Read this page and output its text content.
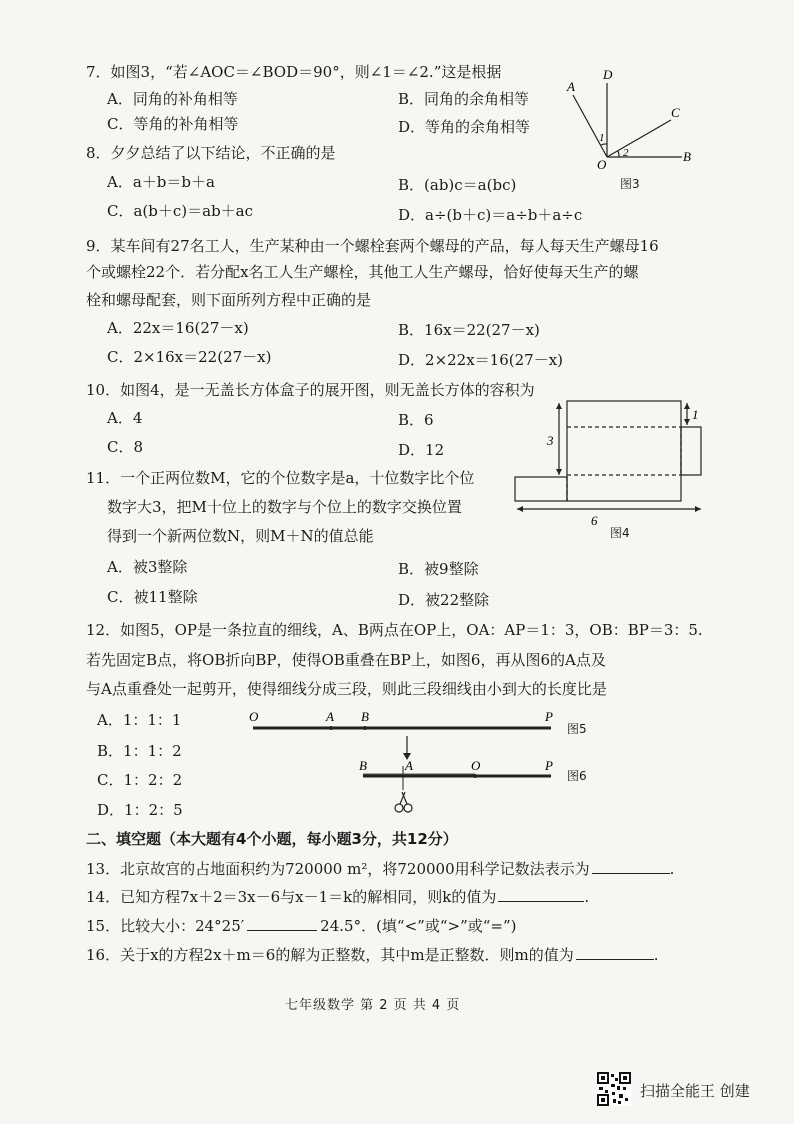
7．如图3，“若∠AOC＝∠BOD＝90°，则∠1＝∠2.”这是根据
A．同角的补角相等	B．同角的余角相等
C．等角的补角相等	D．等角的余角相等
A
D
C
B
O
1
2
图3
8．夕夕总结了以下结论，不正确的是
A．a＋b＝b＋a	B．(ab)c＝a(bc)
C．a(b＋c)＝ab＋ac	D．a÷(b＋c)＝a÷b＋a÷c
9．某车间有27名工人，生产某种由一个螺栓套两个螺母的产品，每人每天生产螺母16
个或螺栓22个．若分配x名工人生产螺栓，其他工人生产螺母，恰好使每天生产的螺
栓和螺母配套，则下面所列方程中正确的是
A．22x＝16(27－x)	B．16x＝22(27－x)
C．2×16x＝22(27－x)	D．2×22x＝16(27－x)
10．如图4，是一无盖长方体盒子的展开图，则无盖长方体的容积为
A．4	B．6
C．8	D．12
3
1
6
图4
11．一个正两位数M，它的个位数字是a，十位数字比个位
数字大3，把M十位上的数字与个位上的数字交换位置
得到一个新两位数N，则M＋N的值总能
A．被3整除	B．被9整除
C．被11整除	D．被22整除
12．如图5，OP是一条拉直的细线，A、B两点在OP上，OA：AP＝1：3，OB：BP＝3：5.
若先固定B点，将OB折向BP，使得OB重叠在BP上，如图6，再从图6的A点及
与A点重叠处一起剪开，使得细线分成三段，则此三段细线由小到大的长度比是
A．1：1：1
B．1：1：2
C．1：2：2
D．1：2：5
O	A B	P
B	A	O	P
图5
图6
二、填空题（本大题有4个小题，每小题3分，共12分）
13．北京故宫的占地面积约为720000 m²，将720000用科学记数法表示为	.
14．已知方程7x＋2＝3x－6与x－1＝k的解相同，则k的值为	.
15．比较大小：24°25′	24.5°．(填“<”或“>”或“=”)
16．关于x的方程2x＋m＝6的解为正整数，其中m是正整数．则m的值为	.
七年级数学 第 2 页 共 4 页
扫描全能王 创建
